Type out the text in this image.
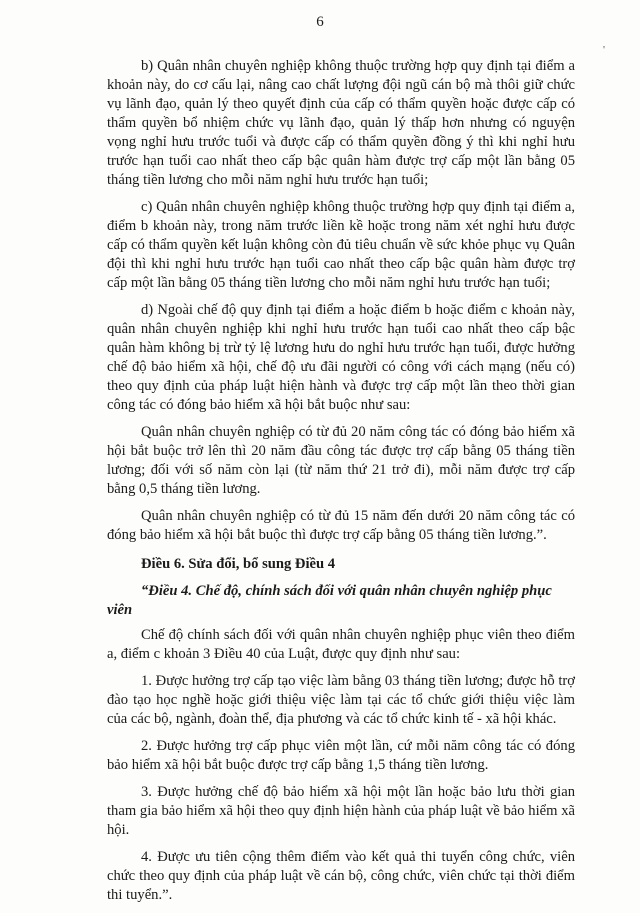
6
'

b) Quân nhân chuyên nghiệp không thuộc trường hợp quy định tại điểm a khoản này, do cơ cấu lại, nâng cao chất lượng đội ngũ cán bộ mà thôi giữ chức vụ lãnh đạo, quản lý theo quyết định của cấp có thẩm quyền hoặc được cấp có thẩm quyền bổ nhiệm chức vụ lãnh đạo, quản lý thấp hơn nhưng có nguyện vọng nghỉ hưu trước tuổi và được cấp có thẩm quyền đồng ý thì khi nghỉ hưu trước hạn tuổi cao nhất theo cấp bậc quân hàm được trợ cấp một lần bằng 05 tháng tiền lương cho mỗi năm nghỉ hưu trước hạn tuổi;

c) Quân nhân chuyên nghiệp không thuộc trường hợp quy định tại điểm a, điểm b khoản này, trong năm trước liền kề hoặc trong năm xét nghỉ hưu được cấp có thẩm quyền kết luận không còn đủ tiêu chuẩn về sức khỏe phục vụ Quân đội thì khi nghỉ hưu trước hạn tuổi cao nhất theo cấp bậc quân hàm được trợ cấp một lần bằng 05 tháng tiền lương cho mỗi năm nghỉ hưu trước hạn tuổi;

d) Ngoài chế độ quy định tại điểm a hoặc điểm b hoặc điểm c khoản này, quân nhân chuyên nghiệp khi nghỉ hưu trước hạn tuổi cao nhất theo cấp bậc quân hàm không bị trừ tỷ lệ lương hưu do nghỉ hưu trước hạn tuổi, được hưởng chế độ bảo hiểm xã hội, chế độ ưu đãi người có công với cách mạng (nếu có) theo quy định của pháp luật hiện hành và được trợ cấp một lần theo thời gian công tác có đóng bảo hiểm xã hội bắt buộc như sau:

Quân nhân chuyên nghiệp có từ đủ 20 năm công tác có đóng bảo hiểm xã hội bắt buộc trở lên thì 20 năm đầu công tác được trợ cấp bằng 05 tháng tiền lương; đối với số năm còn lại (từ năm thứ 21 trở đi), mỗi năm được trợ cấp bằng 0,5 tháng tiền lương.

Quân nhân chuyên nghiệp có từ đủ 15 năm đến dưới 20 năm công tác có đóng bảo hiểm xã hội bắt buộc thì được trợ cấp bằng 05 tháng tiền lương.”.

Điều 6. Sửa đổi, bổ sung Điều 4

“Điều 4. Chế độ, chính sách đối với quân nhân chuyên nghiệp phục viên

Chế độ chính sách đối với quân nhân chuyên nghiệp phục viên theo điểm a, điểm c khoản 3 Điều 40 của Luật, được quy định như sau:

1. Được hưởng trợ cấp tạo việc làm bằng 03 tháng tiền lương; được hỗ trợ đào tạo học nghề hoặc giới thiệu việc làm tại các tổ chức giới thiệu việc làm của các bộ, ngành, đoàn thể, địa phương và các tổ chức kinh tế - xã hội khác.

2. Được hưởng trợ cấp phục viên một lần, cứ mỗi năm công tác có đóng bảo hiểm xã hội bắt buộc được trợ cấp bằng 1,5 tháng tiền lương.

3. Được hưởng chế độ bảo hiểm xã hội một lần hoặc bảo lưu thời gian tham gia bảo hiểm xã hội theo quy định hiện hành của pháp luật về bảo hiểm xã hội.

4. Được ưu tiên cộng thêm điểm vào kết quả thi tuyển công chức, viên chức theo quy định của pháp luật về cán bộ, công chức, viên chức tại thời điểm thi tuyển.”.
